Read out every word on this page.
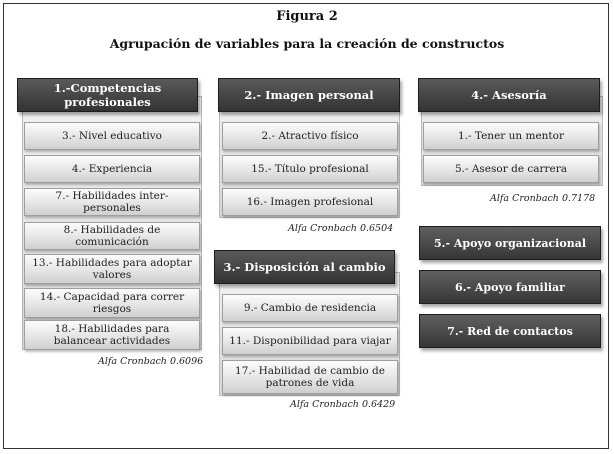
Figura 2
Agrupación de variables para la creación de constructos
1.-Competencias profesionales
3.- Nivel educativo
4.- Experiencia
7.- Habilidades inter-personales
8.- Habilidades de comunicación
13.- Habilidades para adoptar valores
14.- Capacidad para correr riesgos
18.- Habilidades para balancear actividades
Alfa Cronbach 0.6096
2.- Imagen personal
2.- Atractivo físico
15.- Título profesional
16.- Imagen profesional
Alfa Cronbach 0.6504
3.- Disposición al cambio
9.- Cambio de residencia
11.- Disponibilidad para viajar
17.- Habilidad de cambio de patrones de vida
Alfa Cronbach 0.6429
4.- Asesoría
1.- Tener un mentor
5.- Asesor de carrera
Alfa Cronbach 0.7178
5.- Apoyo organizacional
6.- Apoyo familiar
7.- Red de contactos
